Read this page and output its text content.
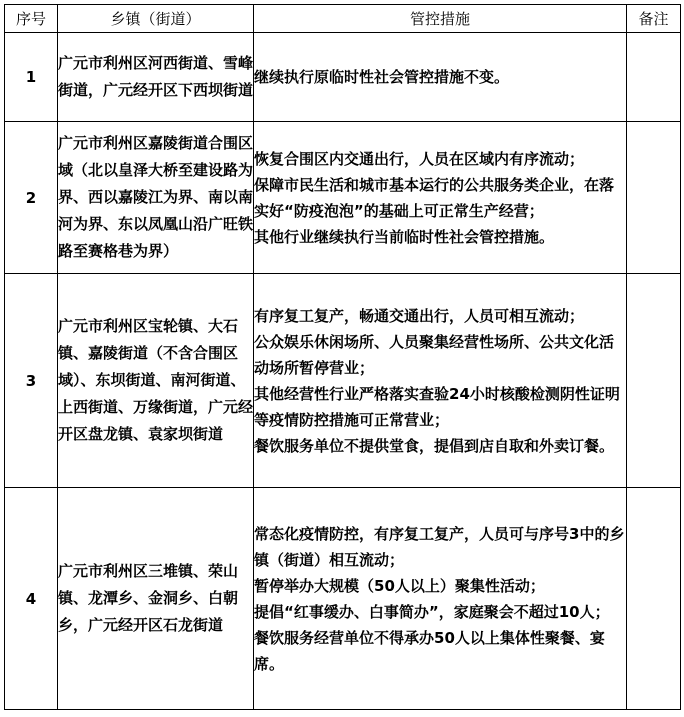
序号	乡镇（街道）	管控措施	备注
1	广元市利州区河西街道、雪峰街道，广元经开区下西坝街道	继续执行原临时性社会管控措施不变。	

2	广元市利州区嘉陵街道合围区域（北以皇泽大桥至建设路为界、西以嘉陵江为界、南以南河为界、东以凤凰山沿广旺铁路至赛格巷为界）	恢复合围区内交通出行，人员在区域内有序流动；
保障市民生活和城市基本运行的公共服务类企业，在落实好“防疫泡泡”的基础上可正常生产经营；
其他行业继续执行当前临时性社会管控措施。	

3	广元市利州区宝轮镇、大石镇、嘉陵街道（不含合围区域）、东坝街道、南河街道、上西街道、万缘街道，广元经开区盘龙镇、袁家坝街道	有序复工复产，畅通交通出行，人员可相互流动；
公众娱乐休闲场所、人员聚集经营性场所、公共文化活动场所暂停营业；
其他经营性行业严格落实查验24小时核酸检测阴性证明等疫情防控措施可正常营业；
餐饮服务单位不提供堂食，提倡到店自取和外卖订餐。	

4	广元市利州区三堆镇、荣山镇、龙潭乡、金洞乡、白朝乡，广元经开区石龙街道	常态化疫情防控，有序复工复产，人员可与序号3中的乡镇（街道）相互流动；
暂停举办大规模（50人以上）聚集性活动；
提倡“红事缓办、白事简办”，家庭聚会不超过10人；
餐饮服务经营单位不得承办50人以上集体性聚餐、宴席。	
